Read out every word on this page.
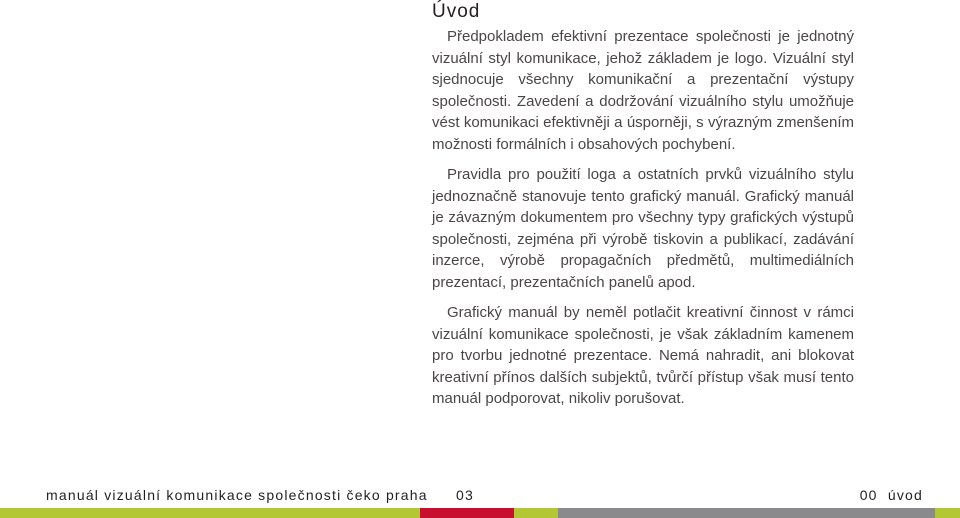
Úvod

Předpokladem efektivní prezentace společnosti je jednotný vizuální styl komunikace, jehož základem je logo. Vizuální styl sjednocuje všechny komunikační a prezentační výstupy společnosti. Zavedení a dodržování vizuálního stylu umožňuje vést komunikaci efektivněji a úsporněji, s výrazným zmenšením možnosti formálních i obsahových pochybení.

Pravidla pro použití loga a ostatních prvků vizuálního stylu jednoznačně stanovuje tento grafický manuál. Grafický manuál je závazným dokumentem pro všechny typy grafických výstupů společnosti, zejména při výrobě tiskovin a publikací, zadávání inzerce, výrobě propagačních předmětů, multimediálních prezentací, prezentačních panelů apod.

Grafický manuál by neměl potlačit kreativní činnost v rámci vizuální komunikace společnosti, je však základním kamenem pro tvorbu jednotné prezentace. Nemá nahradit, ani blokovat kreativní přínos dalších subjektů, tvůrčí přístup však musí tento manuál podporovat, nikoliv porušovat.

manuál vizuální komunikace společnosti čeko praha 03	00  úvod
